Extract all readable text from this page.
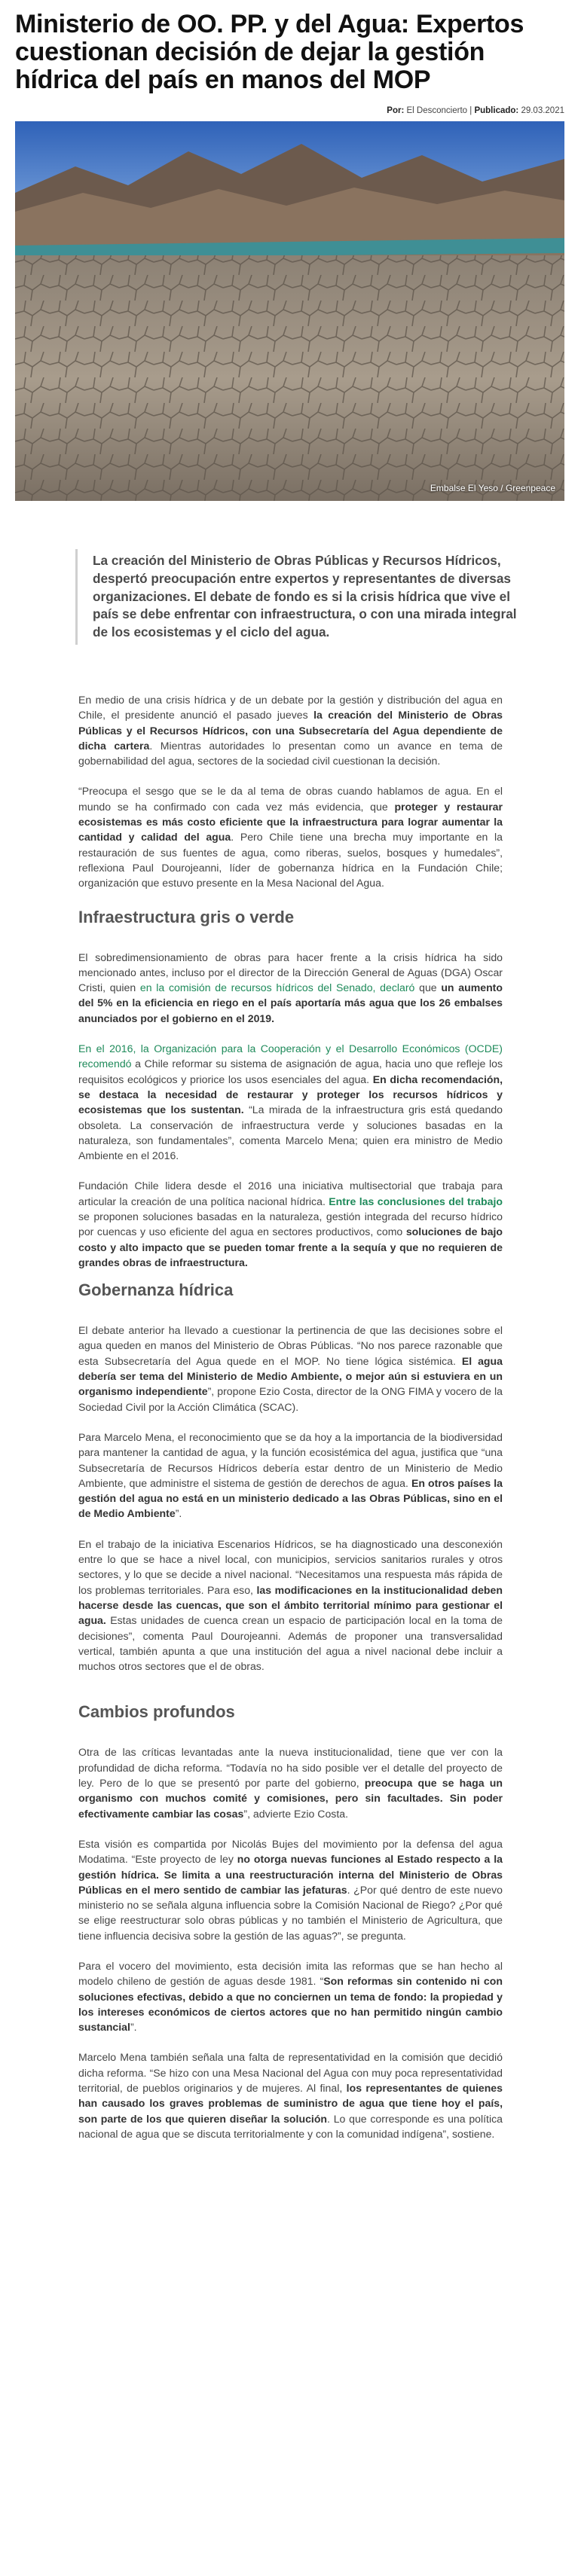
Ministerio de OO. PP. y del Agua: Expertos cuestionan decisión de dejar la gestión hídrica del país en manos del MOP
Por: El Desconcierto | Publicado: 29.03.2021
Embalse El Yeso / Greenpeace

La creación del Ministerio de Obras Públicas y Recursos Hídricos, despertó preocupación entre expertos y representantes de diversas organizaciones. El debate de fondo es si la crisis hídrica que vive el país se debe enfrentar con infraestructura, o con una mirada integral de los ecosistemas y el ciclo del agua.

En medio de una crisis hídrica y de un debate por la gestión y distribución del agua en Chile, el presidente anunció el pasado jueves la creación del Ministerio de Obras Públicas y el Recursos Hídricos, con una Subsecretaría del Agua dependiente de dicha cartera. Mientras autoridades lo presentan como un avance en tema de gobernabilidad del agua, sectores de la sociedad civil cuestionan la decisión.

“Preocupa el sesgo que se le da al tema de obras cuando hablamos de agua. En el mundo se ha confirmado con cada vez más evidencia, que proteger y restaurar ecosistemas es más costo eficiente que la infraestructura para lograr aumentar la cantidad y calidad del agua. Pero Chile tiene una brecha muy importante en la restauración de sus fuentes de agua, como riberas, suelos, bosques y humedales”, reflexiona Paul Dourojeanni, líder de gobernanza hídrica en la Fundación Chile; organización que estuvo presente en la Mesa Nacional del Agua.

Infraestructura gris o verde

El sobredimensionamiento de obras para hacer frente a la crisis hídrica ha sido mencionado antes, incluso por el director de la Dirección General de Aguas (DGA) Oscar Cristi, quien en la comisión de recursos hídricos del Senado, declaró que un aumento del 5% en la eficiencia en riego en el país aportaría más agua que los 26 embalses anunciados por el gobierno en el 2019.

En el 2016, la Organización para la Cooperación y el Desarrollo Económicos (OCDE) recomendó a Chile reformar su sistema de asignación de agua, hacia uno que refleje los requisitos ecológicos y priorice los usos esenciales del agua. En dicha recomendación, se destaca la necesidad de restaurar y proteger los recursos hídricos y ecosistemas que los sustentan. “La mirada de la infraestructura gris está quedando obsoleta. La conservación de infraestructura verde y soluciones basadas en la naturaleza, son fundamentales”, comenta Marcelo Mena; quien era ministro de Medio Ambiente en el 2016.

Fundación Chile lidera desde el 2016 una iniciativa multisectorial que trabaja para articular la creación de una política nacional hídrica. Entre las conclusiones del trabajo se proponen soluciones basadas en la naturaleza, gestión integrada del recurso hídrico por cuencas y uso eficiente del agua en sectores productivos, como soluciones de bajo costo y alto impacto que se pueden tomar frente a la sequía y que no requieren de grandes obras de infraestructura.

Gobernanza hídrica

El debate anterior ha llevado a cuestionar la pertinencia de que las decisiones sobre el agua queden en manos del Ministerio de Obras Públicas. “No nos parece razonable que esta Subsecretaría del Agua quede en el MOP. No tiene lógica sistémica. El agua debería ser tema del Ministerio de Medio Ambiente, o mejor aún si estuviera en un organismo independiente”, propone Ezio Costa, director de la ONG FIMA y vocero de la Sociedad Civil por la Acción Climática (SCAC).

Para Marcelo Mena, el reconocimiento que se da hoy a la importancia de la biodiversidad para mantener la cantidad de agua, y la función ecosistémica del agua, justifica que “una Subsecretaría de Recursos Hídricos debería estar dentro de un Ministerio de Medio Ambiente, que administre el sistema de gestión de derechos de agua. En otros países la gestión del agua no está en un ministerio dedicado a las Obras Públicas, sino en el de Medio Ambiente”.

En el trabajo de la iniciativa Escenarios Hídricos, se ha diagnosticado una desconexión entre lo que se hace a nivel local, con municipios, servicios sanitarios rurales y otros sectores, y lo que se decide a nivel nacional. “Necesitamos una respuesta más rápida de los problemas territoriales. Para eso, las modificaciones en la institucionalidad deben hacerse desde las cuencas, que son el ámbito territorial mínimo para gestionar el agua. Estas unidades de cuenca crean un espacio de participación local en la toma de decisiones”, comenta Paul Dourojeanni. Además de proponer una transversalidad vertical, también apunta a que una institución del agua a nivel nacional debe incluir a muchos otros sectores que el de obras.

Cambios profundos

Otra de las críticas levantadas ante la nueva institucionalidad, tiene que ver con la profundidad de dicha reforma. “Todavía no ha sido posible ver el detalle del proyecto de ley. Pero de lo que se presentó por parte del gobierno, preocupa que se haga un organismo con muchos comité y comisiones, pero sin facultades. Sin poder efectivamente cambiar las cosas”, advierte Ezio Costa.

Esta visión es compartida por Nicolás Bujes del movimiento por la defensa del agua Modatima. “Este proyecto de ley no otorga nuevas funciones al Estado respecto a la gestión hídrica. Se limita a una reestructuración interna del Ministerio de Obras Públicas en el mero sentido de cambiar las jefaturas. ¿Por qué dentro de este nuevo ministerio no se señala alguna influencia sobre la Comisión Nacional de Riego? ¿Por qué se elige reestructurar solo obras públicas y no también el Ministerio de Agricultura, que tiene influencia decisiva sobre la gestión de las aguas?”, se pregunta.

Para el vocero del movimiento, esta decisión imita las reformas que se han hecho al modelo chileno de gestión de aguas desde 1981. “Son reformas sin contenido ni con soluciones efectivas, debido a que no conciernen un tema de fondo: la propiedad y los intereses económicos de ciertos actores que no han permitido ningún cambio sustancial”.

Marcelo Mena también señala una falta de representatividad en la comisión que decidió dicha reforma. “Se hizo con una Mesa Nacional del Agua con muy poca representatividad territorial, de pueblos originarios y de mujeres. Al final, los representantes de quienes han causado los graves problemas de suministro de agua que tiene hoy el país, son parte de los que quieren diseñar la solución. Lo que corresponde es una política nacional de agua que se discuta territorialmente y con la comunidad indígena”, sostiene.
